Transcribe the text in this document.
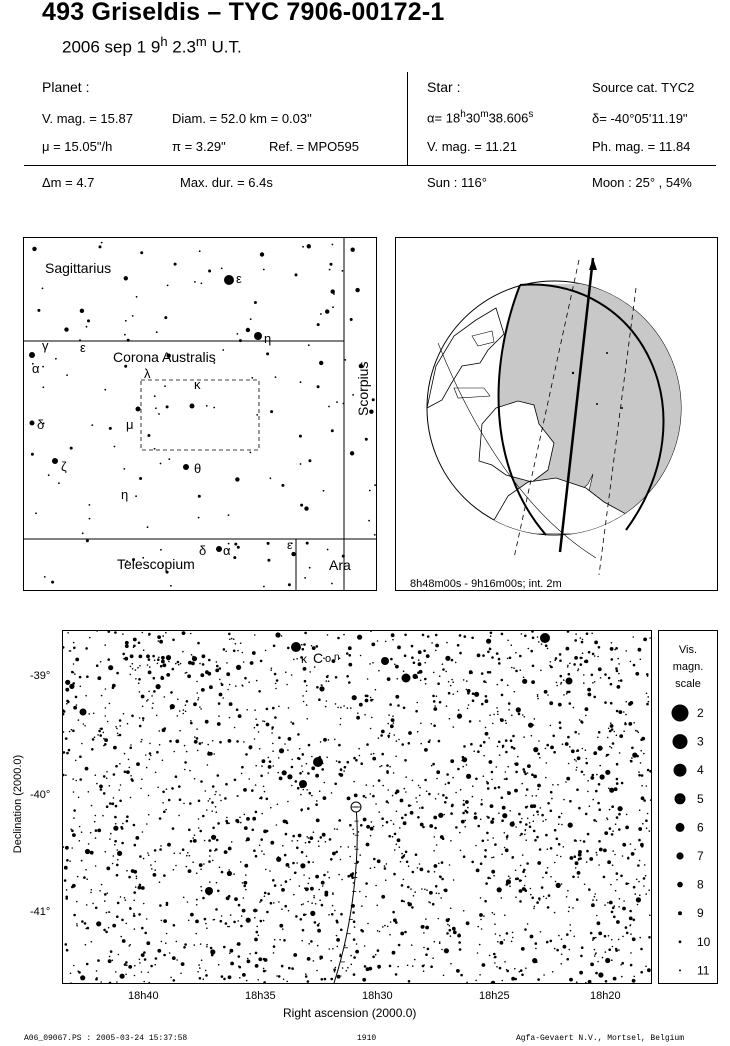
493 Griseldis – TYC 7906-00172-1
2006 sep 1 9$^h$ 2.3$^m$ U.T.
Planet :
V. mag. = 15.87	Diam. = 52.0 km = 0.03"
μ = 15.05"/h	π = 3.29"	Ref. = MPO595
Star :	Source cat. TYC2
$\alpha= 18^h30^m38.606^s$	δ= -40°05'11.19"
V. mag. = 11.21	Ph. mag. = 11.84
Δm = 4.7	Max. dur. = 6.4s	Sun : 116°	Moon : 25° , 54%
Sagittarius
Corona Australis
Scorpius
Telescopium	Ara
ε
η
γ ε
α	λ
κ
δ	μ
ζ	θ
η
δ α	ε
8h48m00s - 9h16m00s; int. 2m
κ C o n
-39°
-40°
-41°
18h40	18h35	18h30	18h25	18h20
Right ascension (2000.0)
Declination (2000.0)
Vis.
magn.
scale
2
3
4
5
6
7
8
9
10
11
A06_09067.PS : 2005-03-24 15:37:58	1910	Agfa-Gevaert N.V., Mortsel, Belgium
